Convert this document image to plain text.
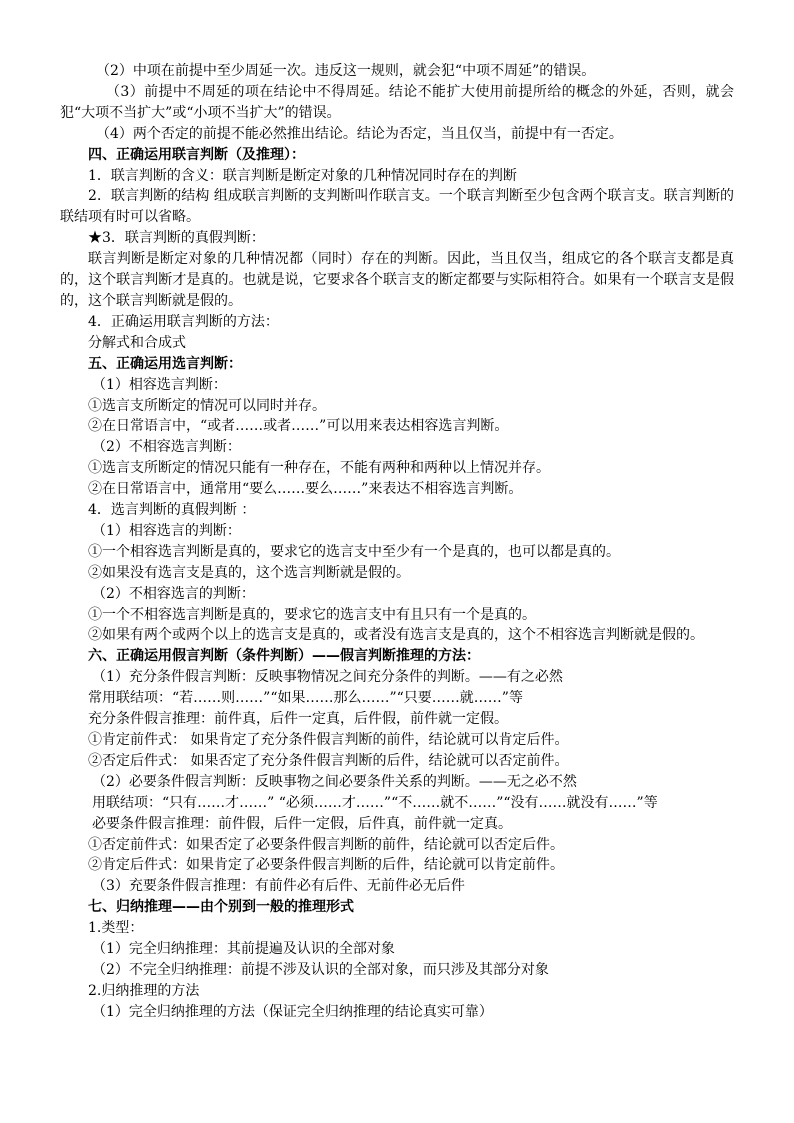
（2）中项在前提中至少周延一次。违反这一规则，就会犯“中项不周延”的错误。
（3）前提中不周延的项在结论中不得周延。结论不能扩大使用前提所给的概念的外延，否则，就会犯“大项不当扩大”或“小项不当扩大”的错误。
（4）两个否定的前提不能必然推出结论。结论为否定，当且仅当，前提中有一否定。
四、正确运用联言判断（及推理）：
1．联言判断的含义：联言判断是断定对象的几种情况同时存在的判断
2．联言判断的结构 组成联言判断的支判断叫作联言支。一个联言判断至少包含两个联言支。联言判断的联结项有时可以省略。
★3．联言判断的真假判断：
联言判断是断定对象的几种情况都（同时）存在的判断。因此，当且仅当，组成它的各个联言支都是真的，这个联言判断才是真的。也就是说，它要求各个联言支的断定都要与实际相符合。如果有一个联言支是假的，这个联言判断就是假的。
4．正确运用联言判断的方法：
分解式和合成式
五、正确运用选言判断：
（1）相容选言判断：
①选言支所断定的情况可以同时并存。
②在日常语言中，“或者……或者……”可以用来表达相容选言判断。
（2）不相容选言判断：
①选言支所断定的情况只能有一种存在，不能有两种和两种以上情况并存。
②在日常语言中，通常用“要么……要么……”来表达不相容选言判断。
4．选言判断的真假判断 ：
（1）相容选言的判断：
①一个相容选言判断是真的，要求它的选言支中至少有一个是真的，也可以都是真的。
②如果没有选言支是真的，这个选言判断就是假的。
（2）不相容选言的判断：
①一个不相容选言判断是真的，要求它的选言支中有且只有一个是真的。
②如果有两个或两个以上的选言支是真的，或者没有选言支是真的，这个不相容选言判断就是假的。
六、正确运用假言判断（条件判断）——假言判断推理的方法：
（1）充分条件假言判断：反映事物情况之间充分条件的判断。——有之必然
常用联结项：“若……则……”“如果……那么……”“只要……就……”等
充分条件假言推理：前件真，后件一定真，后件假，前件就一定假。
①肯定前件式： 如果肯定了充分条件假言判断的前件，结论就可以肯定后件。
②否定后件式： 如果否定了充分条件假言判断的后件，结论就可以否定前件。
（2）必要条件假言判断：反映事物之间必要条件关系的判断。——无之必不然
用联结项：“只有……才……” “必须……才……”“不……就不……”“没有……就没有……”等
必要条件假言推理：前件假，后件一定假，后件真，前件就一定真。
①否定前件式：如果否定了必要条件假言判断的前件，结论就可以否定后件。
②肯定后件式：如果肯定了必要条件假言判断的后件，结论就可以肯定前件。
（3）充要条件假言推理：有前件必有后件、无前件必无后件
七、归纳推理——由个别到一般的推理形式
1.类型：
（1）完全归纳推理：其前提遍及认识的全部对象
（2）不完全归纳推理：前提不涉及认识的全部对象，而只涉及其部分对象
2.归纳推理的方法
（1）完全归纳推理的方法（保证完全归纳推理的结论真实可靠）
